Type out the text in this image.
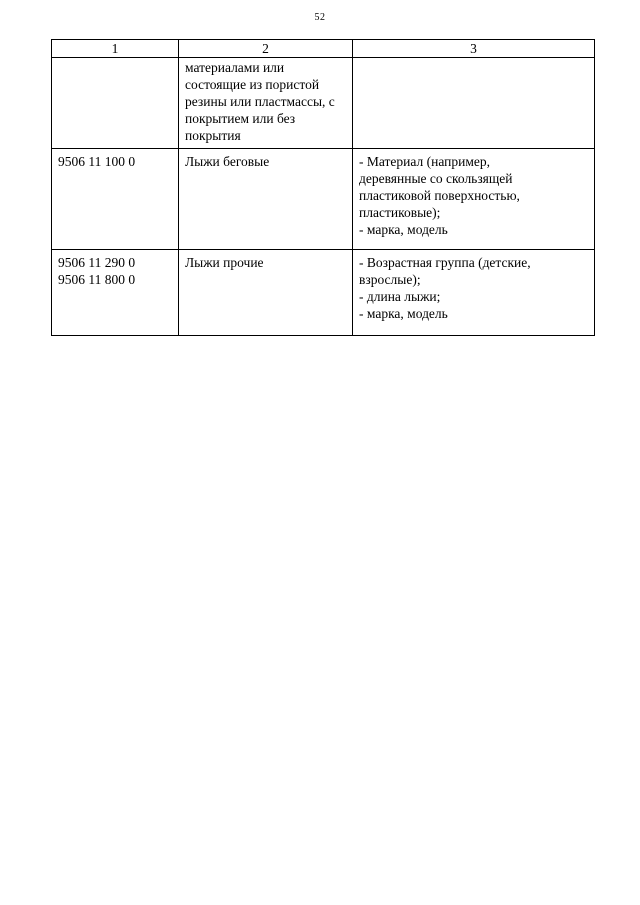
52
1	2	3

	материалами или
состоящие из пористой
резины или пластмассы, с
покрытием или без
покрытия	

9506 11 100 0	Лыжи беговые	- Материал (например,
деревянные со скользящей
пластиковой поверхностью,
пластиковые);
- марка, модель

9506 11 290 0
9506 11 800 0	Лыжи прочие	- Возрастная группа (детские,
взрослые);
- длина лыжи;
- марка, модель
